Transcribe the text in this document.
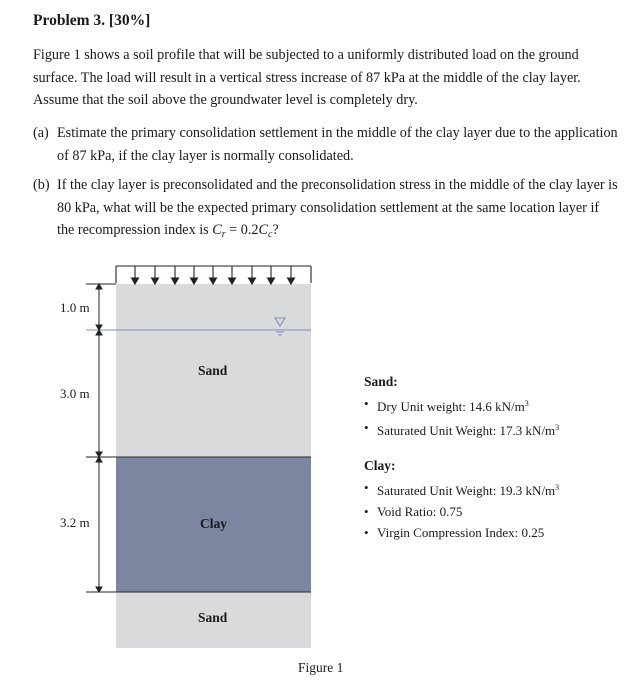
Problem 3. [30%]
Figure 1 shows a soil profile that will be subjected to a uniformly distributed load on the ground surface. The load will result in a vertical stress increase of 87 kPa at the middle of the clay layer. Assume that the soil above the groundwater level is completely dry.
(a) Estimate the primary consolidation settlement in the middle of the clay layer due to the application of 87 kPa, if the clay layer is normally consolidated.
(b) If the clay layer is preconsolidated and the preconsolidation stress in the middle of the clay layer is 80 kPa, what will be the expected primary consolidation settlement at the same location layer if the recompression index is $C_r = 0.2C_c$?
1.0 m
3.0 m
3.2 m
Sand
Clay
Sand
Figure 1
Sand:
• Dry Unit weight: 14.6 $kN/m^3$
• Saturated Unit Weight: 17.3 $kN/m^3$
Clay:
• Saturated Unit Weight: 19.3 $kN/m^3$
• Void Ratio: 0.75
• Virgin Compression Index: 0.25
